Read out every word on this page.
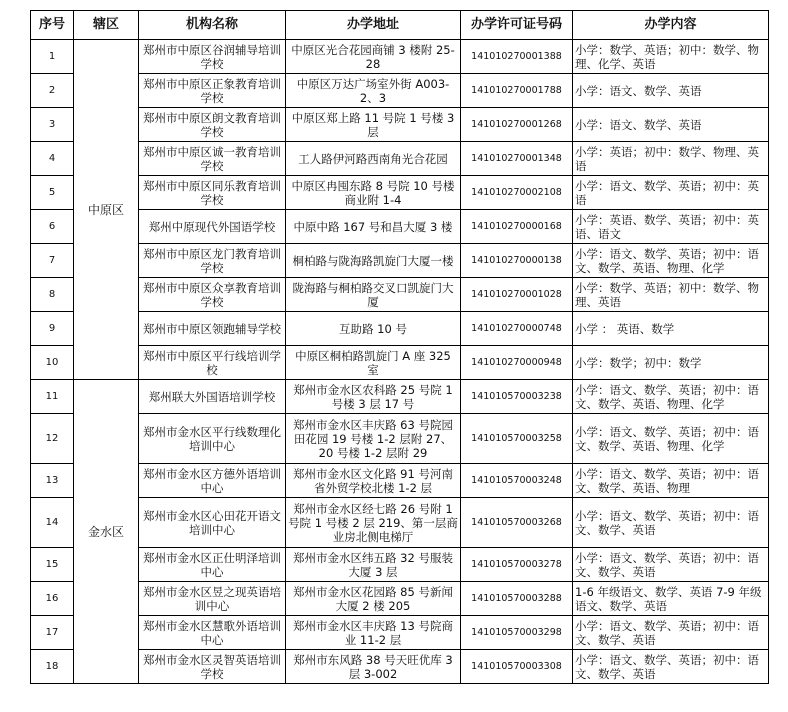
序号	辖区	机构名称	办学地址	办学许可证号码	办学内容
1	中原区	郑州市中原区谷润辅导培训学校	中原区光合花园商铺 3 楼附 25-28	141010270001388	小学：数学、英语；初中：数学、物理、化学、英语
2		郑州市中原区正象教育培训学校	中原区万达广场室外街 A003-2、3	141010270001788	小学：语文、数学、英语
3		郑州市中原区朗文教育培训学校	中原区郑上路 11 号院 1 号楼 3 层	141010270001268	小学：语文、数学、英语
4		郑州市中原区诚一教育培训学校	工人路伊河路西南角光合花园	141010270001348	小学：英语；初中：数学、物理、英语
5		郑州市中原区同乐教育培训学校	中原区冉囤东路 8 号院 10 号楼商业附 1-4	141010270002108	小学：语文、数学、英语；初中：英语
6		郑州中原现代外国语学校	中原中路 167 号和昌大厦 3 楼	141010270000168	小学：英语、数学、英语；初中：英语、语文
7		郑州市中原区龙门教育培训学校	桐柏路与陇海路凯旋门大厦一楼	141010270000138	小学：语文、数学、英语；初中：语文、数学、英语、物理、化学
8		郑州市中原区众享教育培训学校	陇海路与桐柏路交叉口凯旋门大厦	141010270001028	小学：数学、英语；初中：数学、物理、英语
9		郑州市中原区领跑辅导学校	互助路 10 号	141010270000748	小学 ： 英语、数学
10		郑州市中原区平行线培训学校	中原区桐柏路凯旋门 A 座 325 室	141010270000948	小学：数学；初中：数学
11	金水区	郑州联大外国语培训学校	郑州市金水区农科路 25 号院 1 号楼 3 层 17 号	141010570003238	小学：语文、数学、英语；初中：语文、数学、英语、物理、化学
12		郑州市金水区平行线数理化培训中心	郑州市金水区丰庆路 63 号院园田花园 19 号楼 1-2 层附 27、20 号楼 1-2 层附 29	141010570003258	小学：语文、数学、英语；初中：语文、数学、英语、物理、化学
13		郑州市金水区方德外语培训中心	郑州市金水区文化路 91 号河南省外贸学校北楼 1-2 层	141010570003248	小学：语文、数学、英语；初中：语文、数学、英语、物理
14		郑州市金水区心田花开语文培训中心	郑州市金水区经七路 26 号附 1 号院 1 号楼 2 层 219、第一层商业房北侧电梯厅	141010570003268	小学：语文、数学、英语；初中：语文、数学、英语
15		郑州市金水区正仕明泽培训中心	郑州市金水区纬五路 32 号服装大厦 3 层	141010570003278	小学：语文、数学、英语；初中：语文、数学、英语
16		郑州市金水区昱之现英语培训中心	郑州市金水区花园路 85 号新闻大厦 2 楼 205	141010570003288	1-6 年级语文、数学、英语 7-9 年级语文、数学、英语
17		郑州市金水区慧歌外语培训中心	郑州市金水区丰庆路 13 号院商业 11-2 层	141010570003298	小学：语文、数学、英语；初中：语文、数学、英语
18		郑州市金水区灵智英语培训学校	郑州市东风路 38 号天旺优库 3 层 3-002	141010570003308	小学：语文、数学、英语；初中：语文、数学、英语
